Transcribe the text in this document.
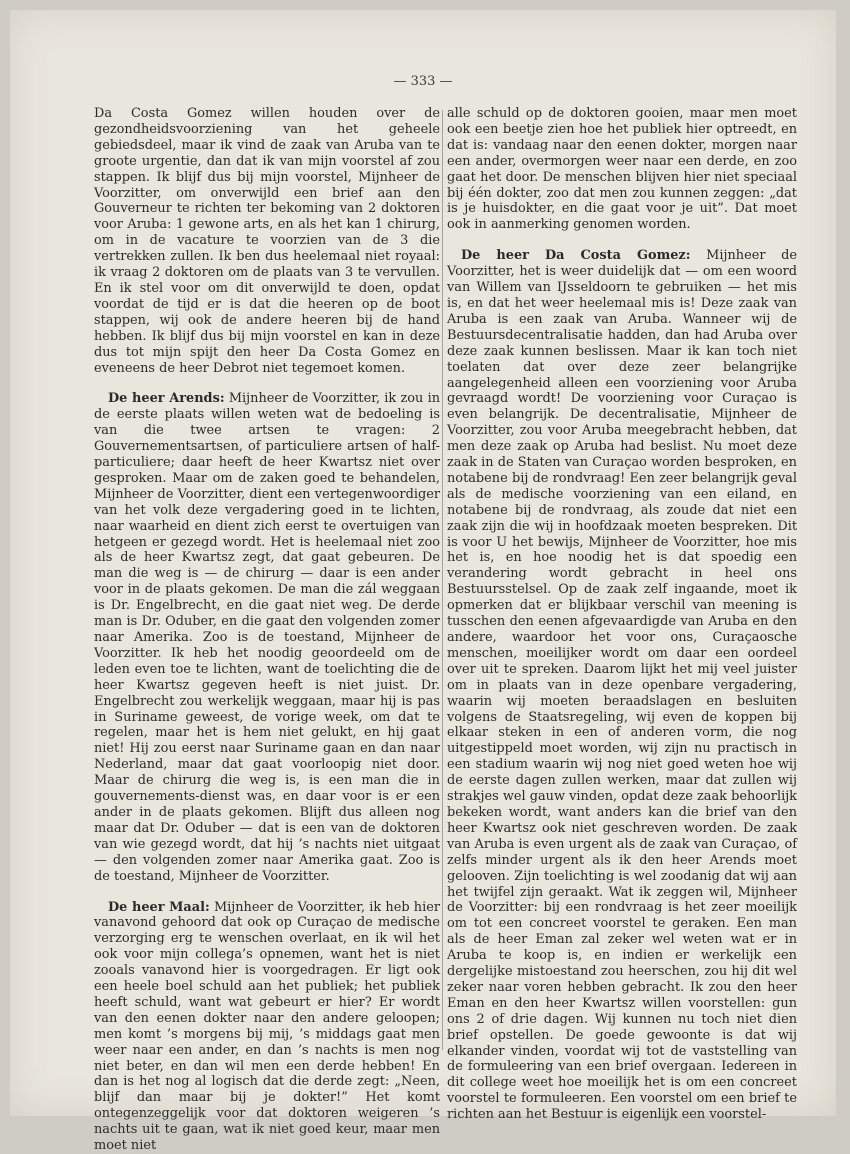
— 333 —

Da Costa Gomez willen houden over de gezondheidsvoorziening van het geheele gebiedsdeel, maar ik vind de zaak van Aruba van te groote urgentie, dan dat ik van mijn voorstel af zou stappen. Ik blijf dus bij mijn voorstel, Mijnheer de Voorzitter, om onverwijld een brief aan den Gouverneur te richten ter bekoming van 2 doktoren voor Aruba: 1 gewone arts, en als het kan 1 chirurg, om in de vacature te voorzien van de 3 die vertrekken zullen. Ik ben dus heelemaal niet royaal: ik vraag 2 doktoren om de plaats van 3 te vervullen. En ik stel voor om dit onverwijld te doen, opdat voordat de tijd er is dat die heeren op de boot stappen, wij ook de andere heeren bij de hand hebben. Ik blijf dus bij mijn voorstel en kan in deze dus tot mijn spijt den heer Da Costa Gomez en eveneens de heer Debrot niet tegemoet komen.

De heer Arends: Mijnheer de Voorzitter, ik zou in de eerste plaats willen weten wat de bedoeling is van die twee artsen te vragen: 2 Gouvernementsartsen, of particuliere artsen of half-particuliere; daar heeft de heer Kwartsz niet over gesproken. Maar om de zaken goed te behandelen, Mijnheer de Voorzitter, dient een vertegenwoordiger van het volk deze vergadering goed in te lichten, naar waarheid en dient zich eerst te overtuigen van hetgeen er gezegd wordt. Het is heelemaal niet zoo als de heer Kwartsz zegt, dat gaat gebeuren. De man die weg is — de chirurg — daar is een ander voor in de plaats gekomen. De man die zál weggaan is Dr. Engelbrecht, en die gaat niet weg. De derde man is Dr. Oduber, en die gaat den volgenden zomer naar Amerika. Zoo is de toestand, Mijnheer de Voorzitter. Ik heb het noodig geoordeeld om de leden even toe te lichten, want de toelichting die de heer Kwartsz gegeven heeft is niet juist. Dr. Engelbrecht zou werkelijk weggaan, maar hij is pas in Suriname geweest, de vorige week, om dat te regelen, maar het is hem niet gelukt, en hij gaat niet! Hij zou eerst naar Suriname gaan en dan naar Nederland, maar dat gaat voorloopig niet door. Maar de chirurg die weg is, is een man die in gouvernements-dienst was, en daar voor is er een ander in de plaats gekomen. Blijft dus alleen nog maar dat Dr. Oduber — dat is een van de doktoren van wie gezegd wordt, dat hij ’s nachts niet uitgaat — den volgenden zomer naar Amerika gaat. Zoo is de toestand, Mijnheer de Voorzitter.

De heer Maal: Mijnheer de Voorzitter, ik heb hier vanavond gehoord dat ook op Curaçao de medische verzorging erg te wenschen overlaat, en ik wil het ook voor mijn collega’s opnemen, want het is niet zooals vanavond hier is voorgedragen. Er ligt ook een heele boel schuld aan het publiek; het publiek heeft schuld, want wat gebeurt er hier? Er wordt van den eenen dokter naar den andere geloopen; men komt ’s morgens bij mij, ’s middags gaat men weer naar een ander, en dan ’s nachts is men nog niet beter, en dan wil men een derde hebben! En dan is het nog al logisch dat die derde zegt: „Neen, blijf dan maar bij je dokter!” Het komt ontegenzeggelijk voor dat doktoren weigeren ’s nachts uit te gaan, wat ik niet goed keur, maar men moet niet

alle schuld op de doktoren gooien, maar men moet ook een beetje zien hoe het publiek hier optreedt, en dat is: vandaag naar den eenen dokter, morgen naar een ander, overmorgen weer naar een derde, en zoo gaat het door. De menschen blijven hier niet speciaal bij één dokter, zoo dat men zou kunnen zeggen: „dat is je huisdokter, en die gaat voor je uit”. Dat moet ook in aanmerking genomen worden.

De heer Da Costa Gomez: Mijnheer de Voorzitter, het is weer duidelijk dat — om een woord van Willem van IJsseldoorn te gebruiken — het mis is, en dat het weer heelemaal mis is! Deze zaak van Aruba is een zaak van Aruba. Wanneer wij de Bestuursdecentralisatie hadden, dan had Aruba over deze zaak kunnen beslissen. Maar ik kan toch niet toelaten dat over deze zeer belangrijke aangelegenheid alleen een voorziening voor Aruba gevraagd wordt! De voorziening voor Curaçao is even belangrijk. De decentralisatie, Mijnheer de Voorzitter, zou voor Aruba meegebracht hebben, dat men deze zaak op Aruba had beslist. Nu moet deze zaak in de Staten van Curaçao worden besproken, en notabene bij de rondvraag! Een zeer belangrijk geval als de medische voorziening van een eiland, en notabene bij de rondvraag, als zoude dat niet een zaak zijn die wij in hoofdzaak moeten bespreken. Dit is voor U het bewijs, Mijnheer de Voorzitter, hoe mis het is, en hoe noodig het is dat spoedig een verandering wordt gebracht in heel ons Bestuursstelsel. Op de zaak zelf ingaande, moet ik opmerken dat er blijkbaar verschil van meening is tusschen den eenen afgevaardigde van Aruba en den andere, waardoor het voor ons, Curaçaosche menschen, moeilijker wordt om daar een oordeel over uit te spreken. Daarom lijkt het mij veel juister om in plaats van in deze openbare vergadering, waarin wij moeten beraadslagen en besluiten volgens de Staatsregeling, wij even de koppen bij elkaar steken in een of anderen vorm, die nog uitgestippeld moet worden, wij zijn nu practisch in een stadium waarin wij nog niet goed weten hoe wij de eerste dagen zullen werken, maar dat zullen wij strakjes wel gauw vinden, opdat deze zaak behoorlijk bekeken wordt, want anders kan die brief van den heer Kwartsz ook niet geschreven worden. De zaak van Aruba is even urgent als de zaak van Curaçao, of zelfs minder urgent als ik den heer Arends moet gelooven. Zijn toelichting is wel zoodanig dat wij aan het twijfel zijn geraakt. Wat ik zeggen wil, Mijnheer de Voorzitter: bij een rondvraag is het zeer moeilijk om tot een concreet voorstel te geraken. Een man als de heer Eman zal zeker wel weten wat er in Aruba te koop is, en indien er werkelijk een dergelijke mistoestand zou heerschen, zou hij dit wel zeker naar voren hebben gebracht. Ik zou den heer Eman en den heer Kwartsz willen voorstellen: gun ons 2 of drie dagen. Wij kunnen nu toch niet dien brief opstellen. De goede gewoonte is dat wij elkander vinden, voordat wij tot de vaststelling van de formuleering van een brief overgaan. Iedereen in dit college weet hoe moeilijk het is om een concreet voorstel te formuleeren. Een voorstel om een brief te richten aan het Bestuur is eigenlijk een voorstel-
